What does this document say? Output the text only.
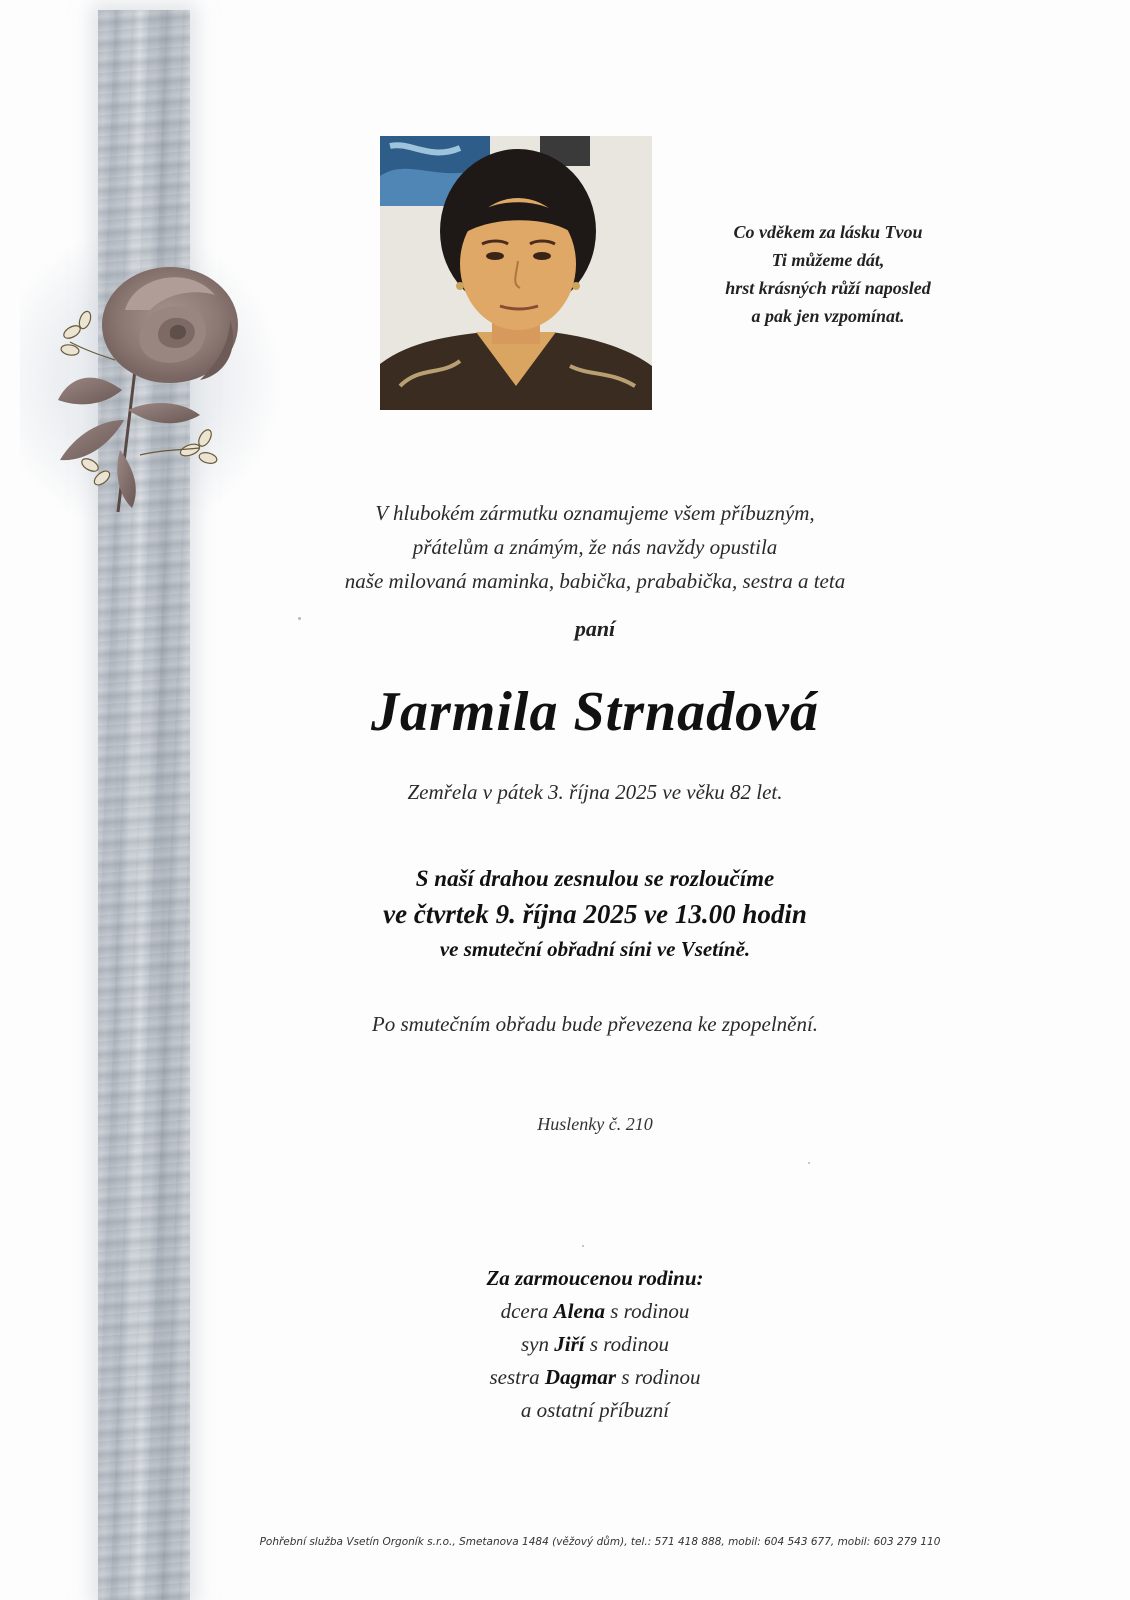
Co vděkem za lásku Tvou
Ti můžeme dát,
hrst krásných růží naposled
a pak jen vzpomínat.
V hlubokém zármutku oznamujeme všem příbuzným,
přátelům a známým, že nás navždy opustila
naše milovaná maminka, babička, prababička, sestra a teta
paní
Jarmila Strnadová
Zemřela v pátek 3. října 2025 ve věku 82 let.
S naší drahou zesnulou se rozloučíme
ve čtvrtek 9. října 2025 ve 13.00 hodin
ve smuteční obřadní síni ve Vsetíně.
Po smutečním obřadu bude převezena ke zpopelnění.
Huslenky č. 210
Za zarmoucenou rodinu:
dcera Alena s rodinou
syn Jiří s rodinou
sestra Dagmar s rodinou
a ostatní příbuzní
Pohřební služba Vsetín Orgoník s.r.o., Smetanova 1484 (věžový dům), tel.: 571 418 888, mobil: 604 543 677, mobil: 603 279 110
